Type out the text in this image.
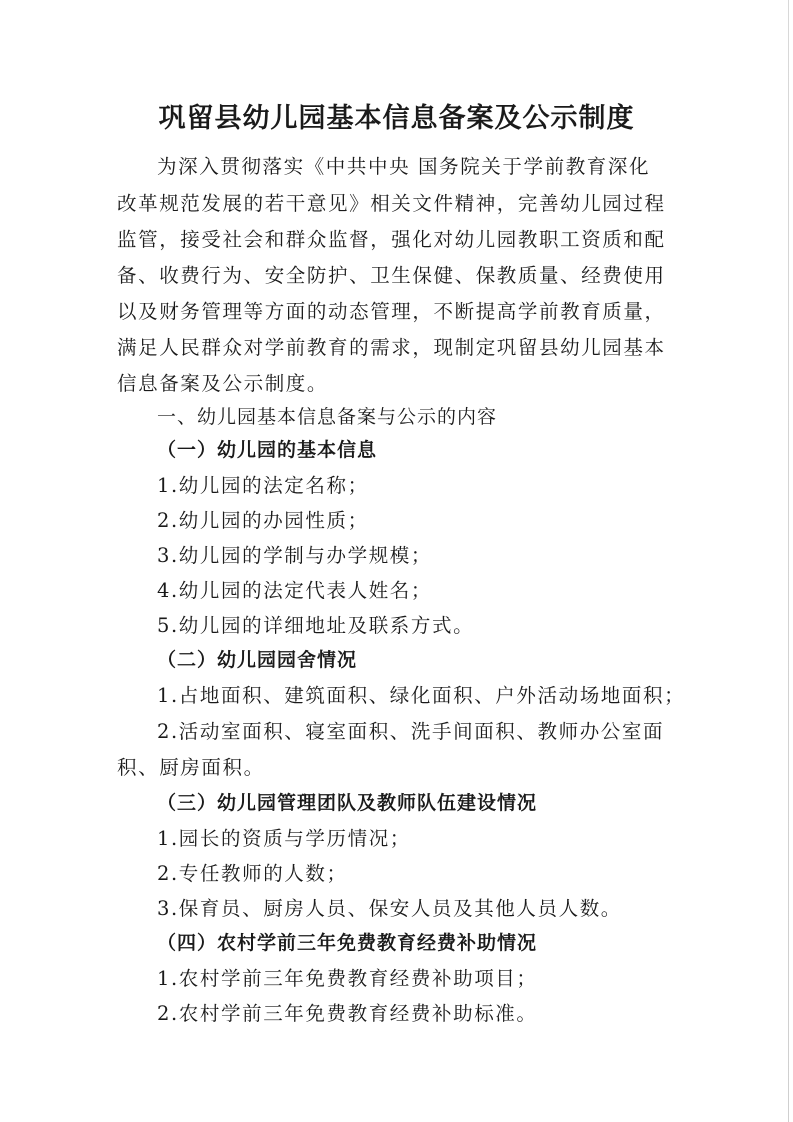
巩留县幼儿园基本信息备案及公示制度
为深入贯彻落实《中共中央 国务院关于学前教育深化
改革规范发展的若干意见》相关文件精神，完善幼儿园过程
监管，接受社会和群众监督，强化对幼儿园教职工资质和配
备、收费行为、安全防护、卫生保健、保教质量、经费使用
以及财务管理等方面的动态管理，不断提高学前教育质量，
满足人民群众对学前教育的需求，现制定巩留县幼儿园基本
信息备案及公示制度。
一、幼儿园基本信息备案与公示的内容
（一）幼儿园的基本信息
1.幼儿园的法定名称；
2.幼儿园的办园性质；
3.幼儿园的学制与办学规模；
4.幼儿园的法定代表人姓名；
5.幼儿园的详细地址及联系方式。
（二）幼儿园园舍情况
1.占地面积、建筑面积、绿化面积、户外活动场地面积；
2.活动室面积、寝室面积、洗手间面积、教师办公室面
积、厨房面积。
（三）幼儿园管理团队及教师队伍建设情况
1.园长的资质与学历情况；
2.专任教师的人数；
3.保育员、厨房人员、保安人员及其他人员人数。
（四）农村学前三年免费教育经费补助情况
1.农村学前三年免费教育经费补助项目；
2.农村学前三年免费教育经费补助标准。
